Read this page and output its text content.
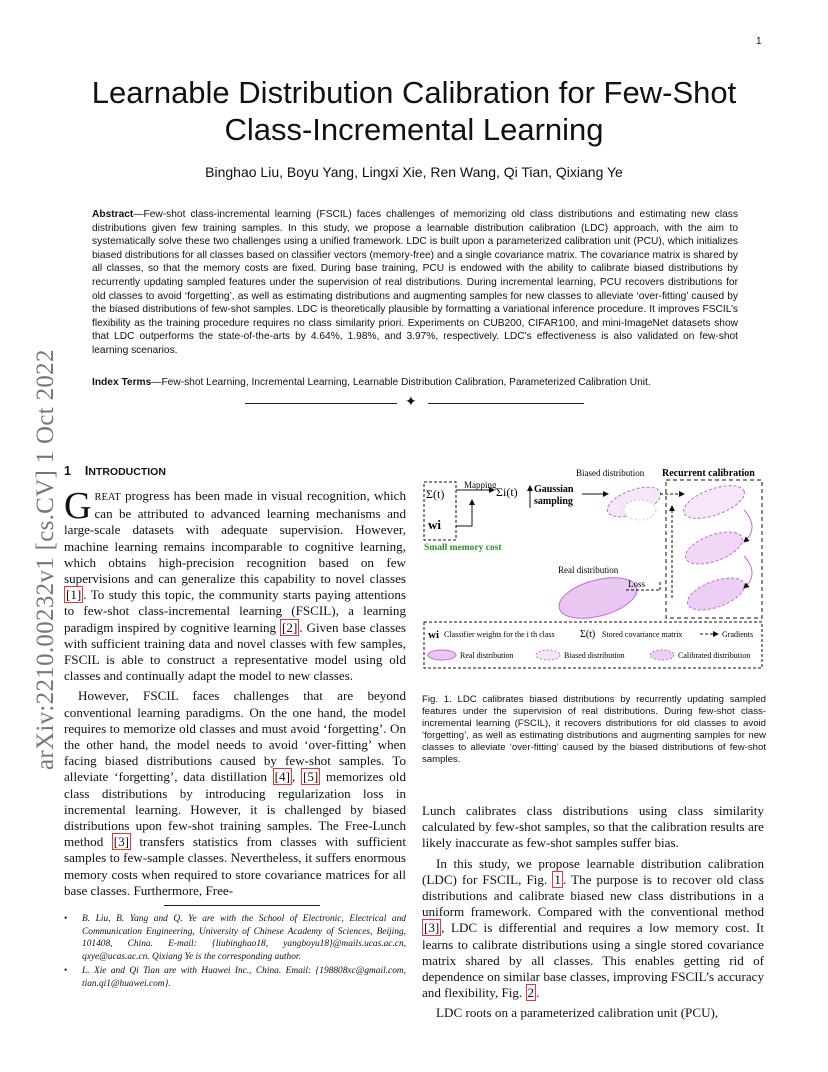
1
arXiv:2210.00232v1 [cs.CV] 1 Oct 2022
Learnable Distribution Calibration for Few-Shot Class-Incremental Learning
Binghao Liu, Boyu Yang, Lingxi Xie, Ren Wang, Qi Tian, Qixiang Ye
Abstract—Few-shot class-incremental learning (FSCIL) faces challenges of memorizing old class distributions and estimating new class distributions given few training samples. In this study, we propose a learnable distribution calibration (LDC) approach, with the aim to systematically solve these two challenges using a unified framework. LDC is built upon a parameterized calibration unit (PCU), which initializes biased distributions for all classes based on classifier vectors (memory-free) and a single covariance matrix. The covariance matrix is shared by all classes, so that the memory costs are fixed. During base training, PCU is endowed with the ability to calibrate biased distributions by recurrently updating sampled features under the supervision of real distributions. During incremental learning, PCU recovers distributions for old classes to avoid ‘forgetting’, as well as estimating distributions and augmenting samples for new classes to alleviate ‘over-fitting’ caused by the biased distributions of few-shot samples. LDC is theoretically plausible by formatting a variational inference procedure. It improves FSCIL’s flexibility as the training procedure requires no class similarity priori. Experiments on CUB200, CIFAR100, and mini-ImageNet datasets show that LDC outperforms the state-of-the-arts by 4.64%, 1.98%, and 3.97%, respectively. LDC’s effectiveness is also validated on few-shot learning scenarios.
Index Terms—Few-shot Learning, Incremental Learning, Learnable Distribution Calibration, Parameterized Calibration Unit.
✦
1 INTRODUCTION

GREAT progress has been made in visual recognition, which can be attributed to advanced learning mechanisms and large-scale datasets with adequate supervision. However, machine learning remains incomparable to cognitive learning, which obtains high-precision recognition based on few supervisions and can generalize this capability to novel classes [1] . To study this topic, the community starts paying attentions to few-shot class-incremental learning (FSCIL), a learning paradigm inspired by cognitive learning [2] . Given base classes with sufficient training data and novel classes with few samples, FSCIL is able to construct a representative model using old classes and continually adapt the model to new classes.

However, FSCIL faces challenges that are beyond conventional learning paradigms. On the one hand, the model requires to memorize old classes and must avoid ‘forgetting’. On the other hand, the model needs to avoid ‘over-fitting’ when facing biased distributions caused by few-shot samples. To alleviate ‘forgetting’, data distillation [4] , [5] memorizes old class distributions by introducing regularization loss in incremental learning. However, it is challenged by biased distributions upon few-shot training samples. The Free-Lunch method [3] transfers statistics from classes with sufficient samples to few-sample classes. Nevertheless, it suffers enormous memory costs when required to store covariance matrices for all base classes. Furthermore, Free-

• B. Liu, B. Yang and Q. Ye are with the School of Electronic, Electrical and Communication Engineering, University of Chinese Academy of Sciences, Beijing, 101408, China. E-mail: {liubinghao18, yangboyu18}@mails.ucas.ac.cn, qxye@ucas.ac.cn. Qixiang Ye is the corresponding author.
• L. Xie and Qi Tian are with Huawei Inc., China. Email: {198808xc@gmail.com, tian.qi1@huawei.com}.
Σ(t)
wi
Mapping Σi(t) Gaussian
sampling
Small memory cost
Biased distribution Recurrent calibration
Real distribution
Loss
wi Classifier weights for the i th class	Σ(t) Stored covariance matrix	Gradients
Real distribution	Biased distribution	Calibrated distribution
Fig. 1. LDC calibrates biased distributions by recurrently updating sampled features under the supervision of real distributions. During few-shot class-incremental learning (FSCIL), it recovers distributions for old classes to avoid ‘forgetting’, as well as estimating distributions and augmenting samples for new classes to alleviate ‘over-fitting’ caused by the biased distributions of few-shot samples.

Lunch calibrates class distributions using class similarity calculated by few-shot samples, so that the calibration results are likely inaccurate as few-shot samples suffer bias.

In this study, we propose learnable distribution calibration (LDC) for FSCIL, Fig. 1 . The purpose is to recover old class distributions and calibrate biased new class distributions in a uniform framework. Compared with the conventional method [3] , LDC is differential and requires a low memory cost. It learns to calibrate distributions using a single stored covariance matrix shared by all classes. This enables getting rid of dependence on similar base classes, improving FSCIL’s accuracy and flexibility, Fig. 2 .

LDC roots on a parameterized calibration unit (PCU),
